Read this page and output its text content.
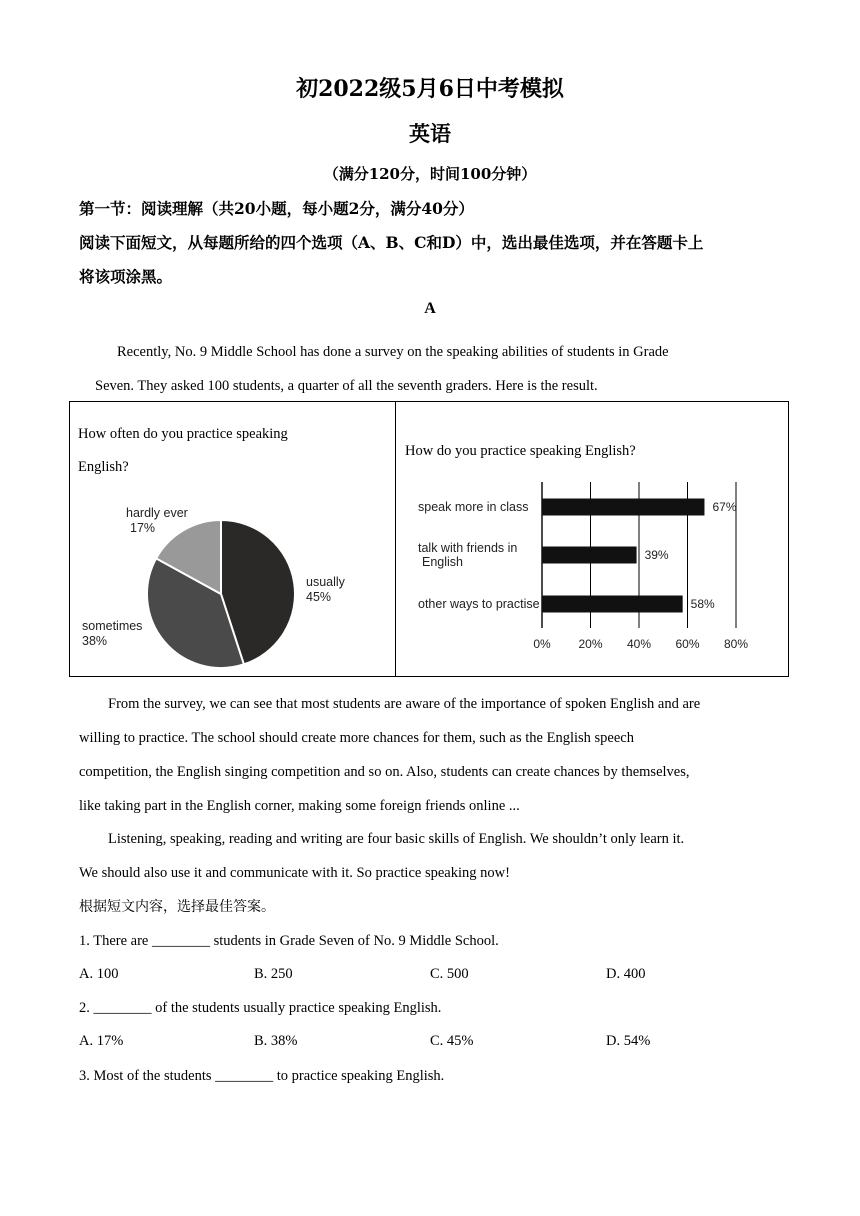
初2022级5月6日中考模拟
英语
（满分120分，时间100分钟）
第一节：阅读理解（共20小题，每小题2分，满分40分）
阅读下面短文，从每题所给的四个选项（A、B、C和D）中，选出最佳选项，并在答题卡上
将该项涂黑。
A
Recently, No. 9 Middle School has done a survey on the speaking abilities of students in Grade
Seven. They asked 100 students, a quarter of all the seventh graders. Here is the result.
How often do you practice speaking
English?
usually
45%
sometimes
38%
hardly ever
17%
How do you practice speaking English?
0% 20% 40% 60% 80%
67%
speak more in class
39%
talk with friends in
English
58%
other ways to practise
From the survey, we can see that most students are aware of the importance of spoken English and are
willing to practice. The school should create more chances for them, such as the English speech
competition, the English singing competition and so on. Also, students can create chances by themselves,
like taking part in the English corner, making some foreign friends online ...
Listening, speaking, reading and writing are four basic skills of English. We shouldn’t only learn it.
We should also use it and communicate with it. So practice speaking now!
根据短文内容，选择最佳答案。
1. There are ________ students in Grade Seven of No. 9 Middle School.
A. 100	B. 250	C. 500	D. 400
2. ________ of the students usually practice speaking English.
A. 17%	B. 38%	C. 45%	D. 54%
3. Most of the students ________ to practice speaking English.
